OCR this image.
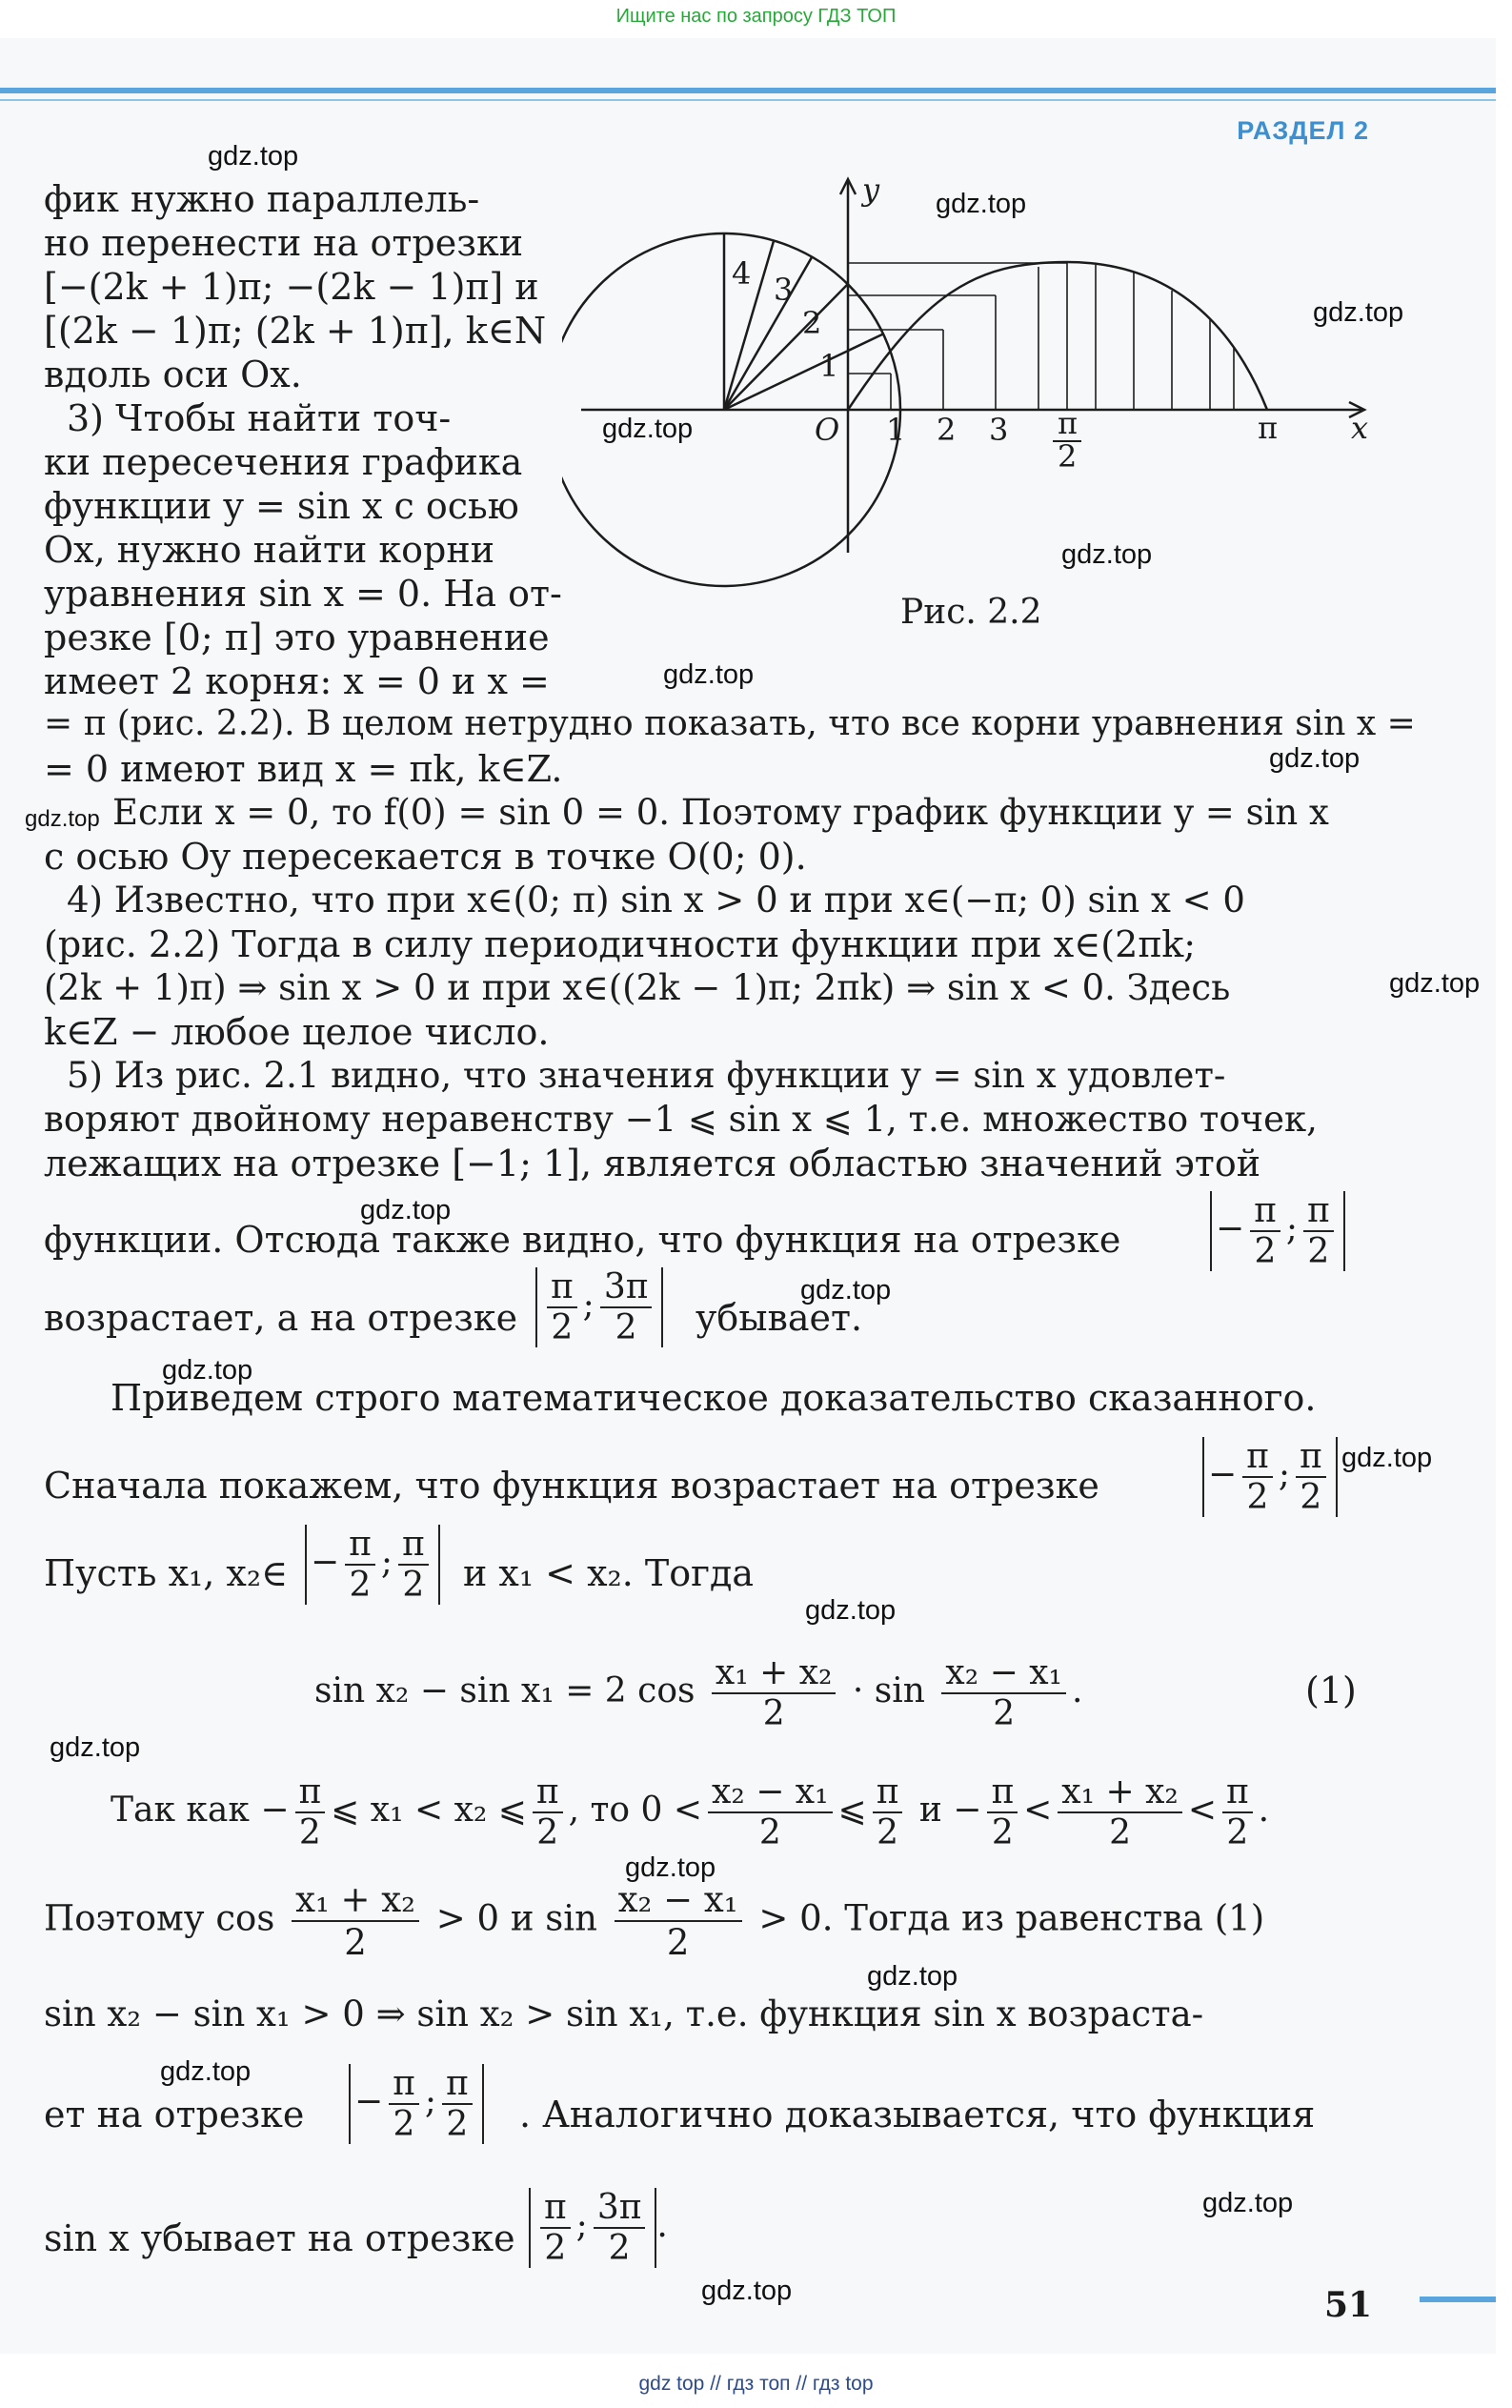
Ищите нас по запросу ГДЗ ТОП
РАЗДЕЛ 2
y
x
O 1 2 3 π
2
π
4 3
2
1
Рис. 2.2
фик нужно параллель-
но перенести на отрезки
[−(2k + 1)π; −(2k − 1)π] и
[(2k − 1)π; (2k + 1)π], k∈N
вдоль оси Ox.
3) Чтобы найти точ-
ки пересечения графика
функции y = sin x с осью
Ox, нужно найти корни
уравнения sin x = 0. На от-
резке [0; π] это уравнение
имеет 2 корня: x = 0 и x =
= π (рис. 2.2). В целом нетрудно показать, что все корни уравнения sin x =
= 0 имеют вид x = πk, k∈Z.
Если x = 0, то f(0) = sin 0 = 0. Поэтому график функции y = sin x
с осью Oy пересекается в точке O(0; 0).
4) Известно, что при x∈(0; π) sin x > 0 и при x∈(−π; 0) sin x < 0
(рис. 2.2) Тогда в силу периодичности функции при x∈(2πk;
(2k + 1)π) ⇒ sin x > 0 и при x∈((2k − 1)π; 2πk) ⇒ sin x < 0. Здесь
k∈Z − любое целое число.
5) Из рис. 2.1 видно, что значения функции y = sin x удовлет-
воряют двойному неравенству −1 ⩽ sin x ⩽ 1, т.е. множество точек,
лежащих на отрезке [−1; 1], является областью значений этой
функции. Отсюда также видно, что функция на отрезке	− $\frac{\pi}{2}$ ; $\frac{\pi}{2}$
возрастает, а на отрезке $\frac{\pi}{2}$ ; $\frac{3\pi}{2}$ убывает.
Приведем строго математическое доказательство сказанного.
Сначала покажем, что функция возрастает на отрезке	− $\frac{\pi}{2}$ ; $\frac{\pi}{2}$
Пусть x₁, x₂∈ − $\frac{\pi}{2}$ ; $\frac{\pi}{2}$ и x₁ < x₂. Тогда
sin x₂ − sin x₁ = 2 $\cos \frac{\text{x₁ + x₂}}{2} \cdot \sin \frac{\text{x₂ − x₁}}{2}$ .	(1)
Так как − $\frac{\pi}{2}$ ⩽ x₁ < x₂ ⩽ $\frac{\pi}{2}$ , то $0 < \frac{\text{x₂ − x₁}}{2}$ ⩽ $\frac{\pi}{2}$ $и - \frac{\pi}{2} < \frac{\text{x₁ + x₂}}{2} < \frac{\pi}{2}$ .
Поэтому $\cos \frac{\text{x₁ + x₂}}{2} > 0$ и $\sin \frac{\text{x₂ − x₁}}{2} > 0$. Тогда из равенства (1)
sin x₂ − sin x₁ > 0 ⇒ sin x₂ > sin x₁, т.е. функция sin x возраста-
ет на отрезке − $\frac{\pi}{2}$ ; $\frac{\pi}{2}$ . Аналогично доказывается, что функция
sin x убывает на отрезке $\frac{\pi}{2}$ ; $\frac{3\pi}{2}$ .
gdz.top
gdz.top
gdz.top
gdz.top
gdz.top
gdz.top
gdz.top
gdz.top
gdz.top
gdz.top
gdz.top
gdz.top
gdz.top
gdz.top
gdz.top
gdz.top
gdz.top
gdz.top
gdz.top
gdz.top	51
gdz top // гдз топ // гдз top
